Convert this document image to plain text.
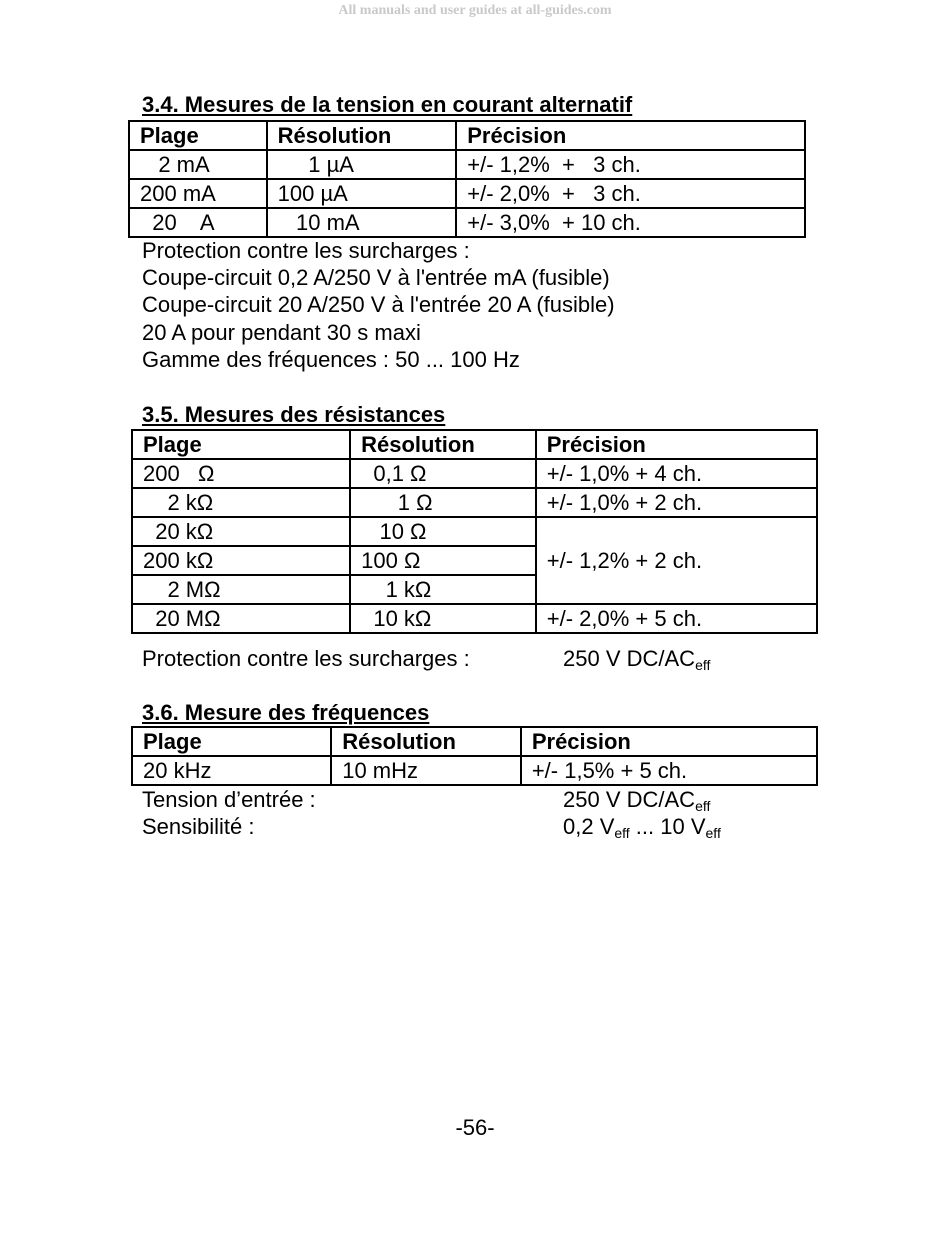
All manuals and user guides at all-guides.com
3.4. Mesures de la tension en courant alternatif
Plage	Résolution	Précision
2 mA	1 µA	+/- 1,2%  +   3 ch.
200 mA	100 µA	+/- 2,0%  +   3 ch.
20    A	10 mA	+/- 3,0%  + 10 ch.
Protection contre les surcharges :
Coupe-circuit 0,2 A/250 V à l'entrée mA (fusible)
Coupe-circuit 20 A/250 V à l'entrée 20 A (fusible)
20 A pour pendant 30 s maxi
Gamme des fréquences : 50 ... 100 Hz
3.5. Mesures des résistances
Plage	Résolution	Précision
200   Ω	0,1 Ω	+/- 1,0% + 4 ch.
2 kΩ	1 Ω	+/- 1,0% + 2 ch.
20 kΩ	10 Ω	+/- 1,2% + 2 ch.
200 kΩ	100 Ω	
2 MΩ	1 kΩ	
20 MΩ	10 kΩ	+/- 2,0% + 5 ch.
Protection contre les surcharges :	250 V $DC/AC_{eff}$
3.6. Mesure des fréquences
Plage	Résolution	Précision
20 kHz	10 mHz	+/- 1,5% + 5 ch.
Tension d’entrée :	250 V $DC/AC_{eff}$
Sensibilité :	0,2 $V_{eff}$ ... 10 $V_{eff}$
-56-
